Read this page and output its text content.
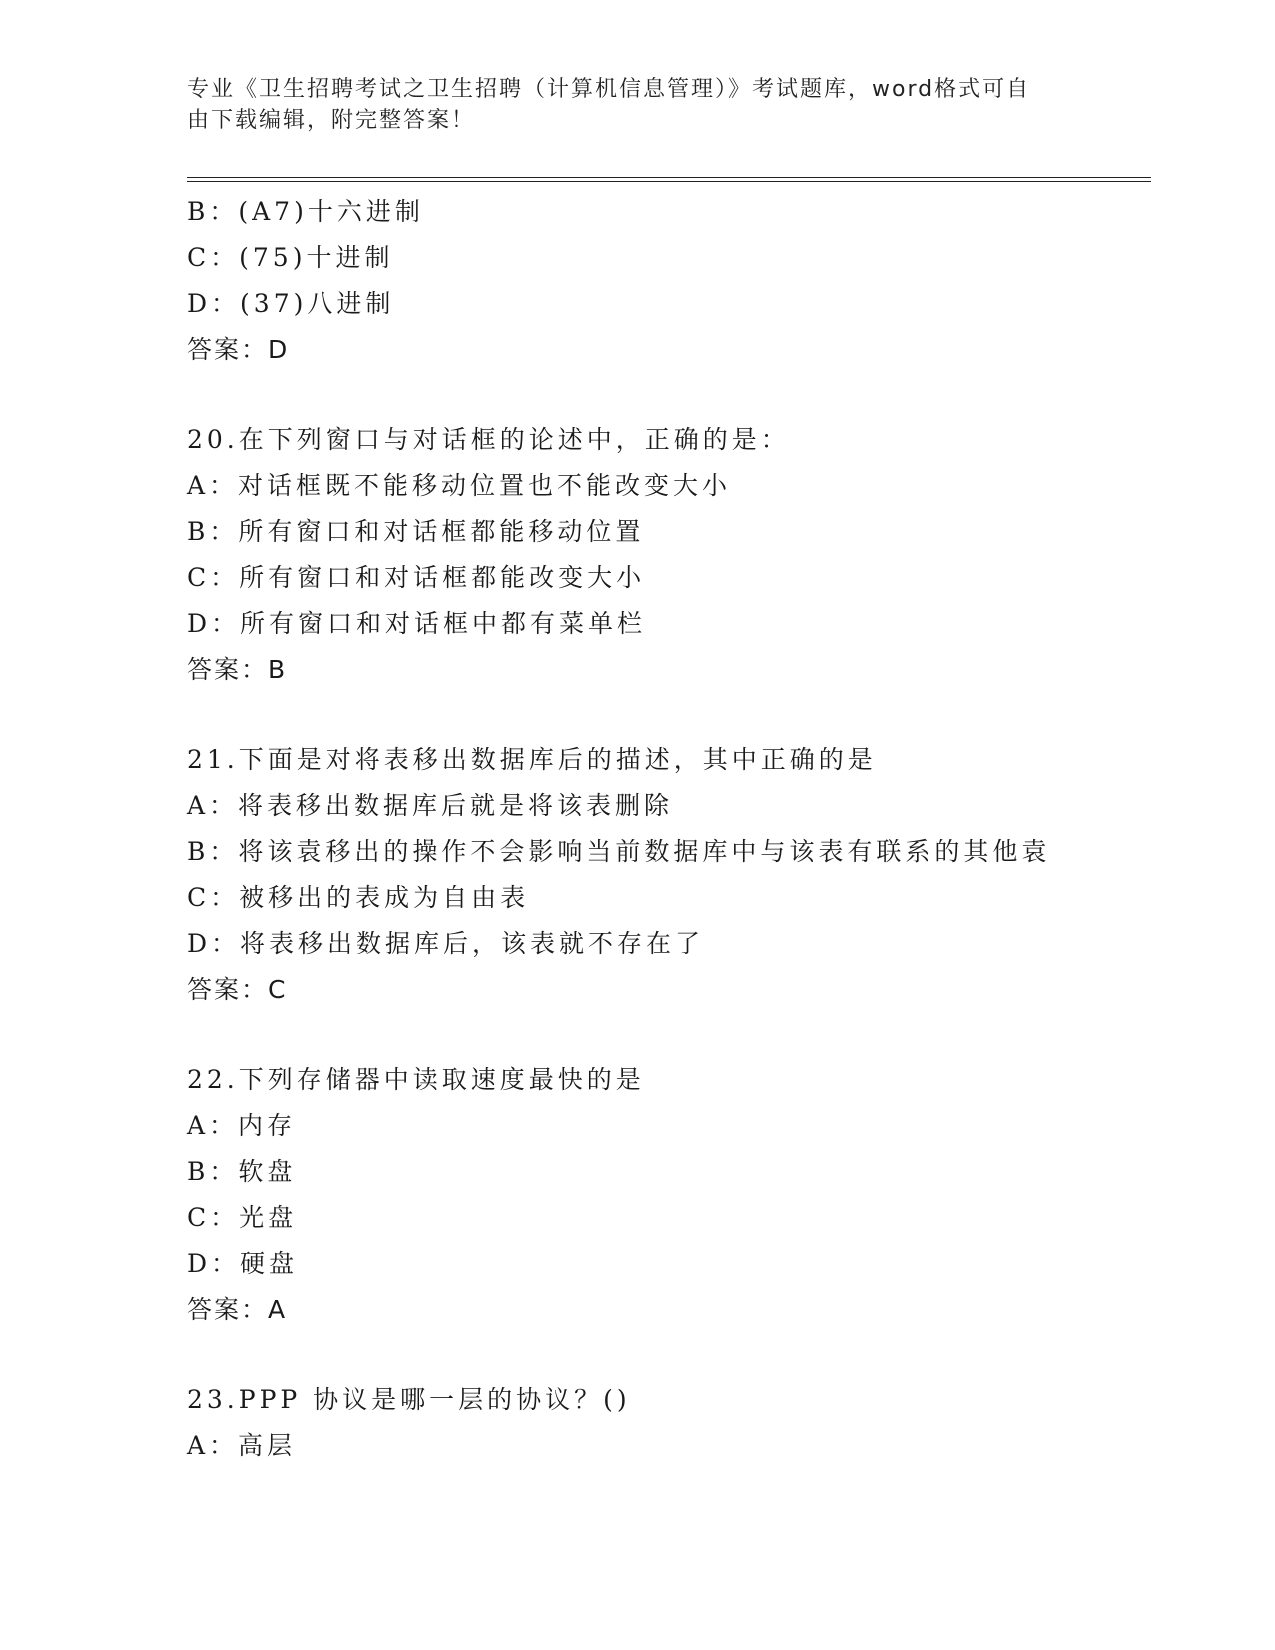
专业《卫生招聘考试之卫生招聘（计算机信息管理）》考试题库，word格式可自
由下载编辑，附完整答案！
B：(A7)十六进制
C：(75)十进制
D：(37)八进制
答案：D
20.在下列窗口与对话框的论述中，正确的是：
A：对话框既不能移动位置也不能改变大小
B：所有窗口和对话框都能移动位置
C：所有窗口和对话框都能改变大小
D：所有窗口和对话框中都有菜单栏
答案：B
21.下面是对将表移出数据库后的描述，其中正确的是
A：将表移出数据库后就是将该表删除
B：将该袁移出的操作不会影响当前数据库中与该表有联系的其他袁
C：被移出的表成为自由表
D：将表移出数据库后，该表就不存在了
答案：C
22.下列存储器中读取速度最快的是
A：内存
B：软盘
C：光盘
D：硬盘
答案：A
23.PPP 协议是哪一层的协议？()
A：高层
